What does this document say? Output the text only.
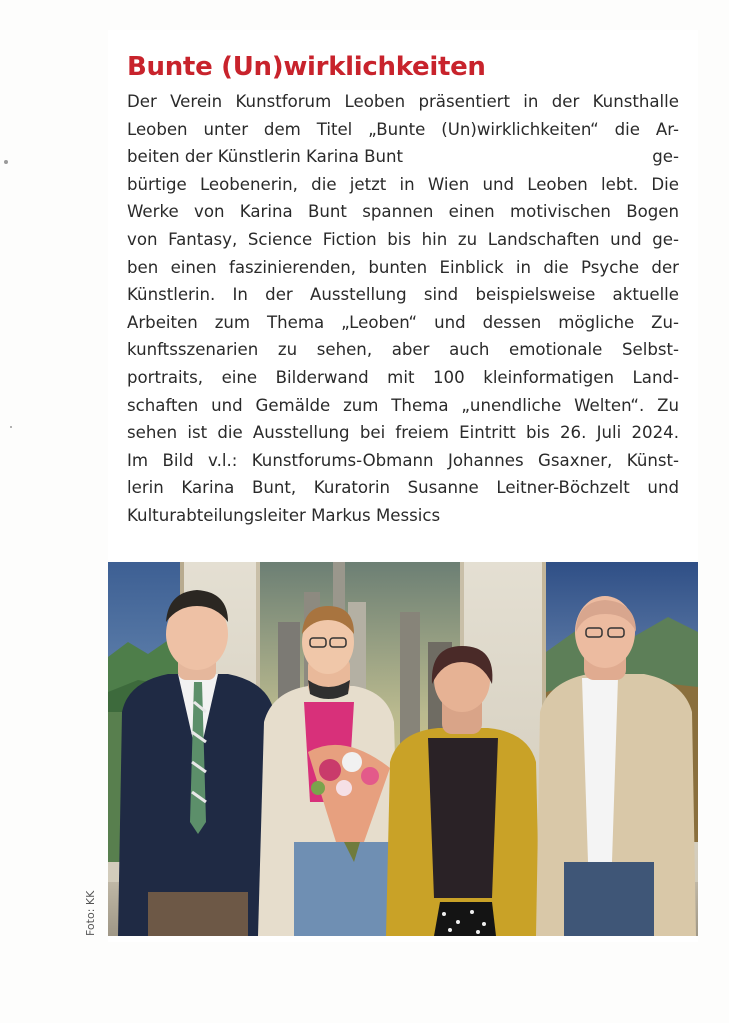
Bunte (Un)wirklichkeiten
Der Verein Kunstforum Leoben präsentiert in der Kunsthalle
Leoben unter dem Titel „Bunte (Un)wirklichkeiten“ die Ar-
beiten der Künstlerin Karina Bunt	ge-
bürtige Leobenerin, die jetzt in Wien und Leoben lebt. Die
Werke von Karina Bunt spannen einen motivischen Bogen
von Fantasy, Science Fiction bis hin zu Landschaften und ge-
ben einen faszinierenden, bunten Einblick in die Psyche der
Künstlerin. In der Ausstellung sind beispielsweise aktuelle
Arbeiten zum Thema „Leoben“ und dessen mögliche Zu-
kunftsszenarien zu sehen, aber auch emotionale Selbst-
portraits, eine Bilderwand mit 100 kleinformatigen Land-
schaften und Gemälde zum Thema „unendliche Welten“. Zu
sehen ist die Ausstellung bei freiem Eintritt bis 26. Juli 2024.
Im Bild v.l.: Kunstforums-Obmann Johannes Gsaxner, Künst-
lerin Karina Bunt, Kuratorin Susanne Leitner-Böchzelt und
Kulturabteilungsleiter Markus Messics
Foto: KK
